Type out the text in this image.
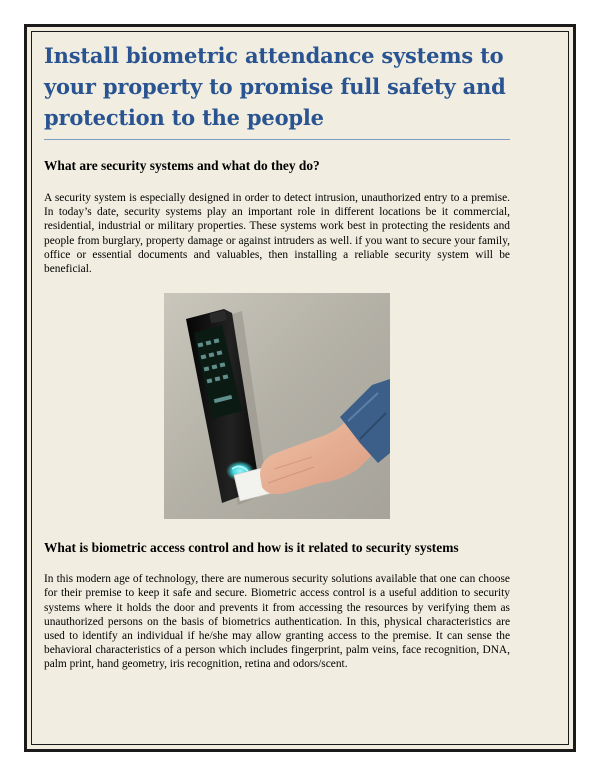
Install biometric attendance systems to your property to promise full safety and protection to the people
What are security systems and what do they do?

A security system is especially designed in order to detect intrusion, unauthorized entry to a premise. In today’s date, security systems play an important role in different locations be it commercial, residential, industrial or military properties. These systems work best in protecting the residents and people from burglary, property damage or against intruders as well. if you want to secure your family, office or essential documents and valuables, then installing a reliable security system will be beneficial.

What is biometric access control and how is it related to security systems

In this modern age of technology, there are numerous security solutions available that one can choose for their premise to keep it safe and secure. Biometric access control is a useful addition to security systems where it holds the door and prevents it from accessing the resources by verifying them as unauthorized persons on the basis of biometrics authentication. In this, physical characteristics are used to identify an individual if he/she may allow granting access to the premise. It can sense the behavioral characteristics of a person which includes fingerprint, palm veins, face recognition, DNA, palm print, hand geometry, iris recognition, retina and odors/scent.
